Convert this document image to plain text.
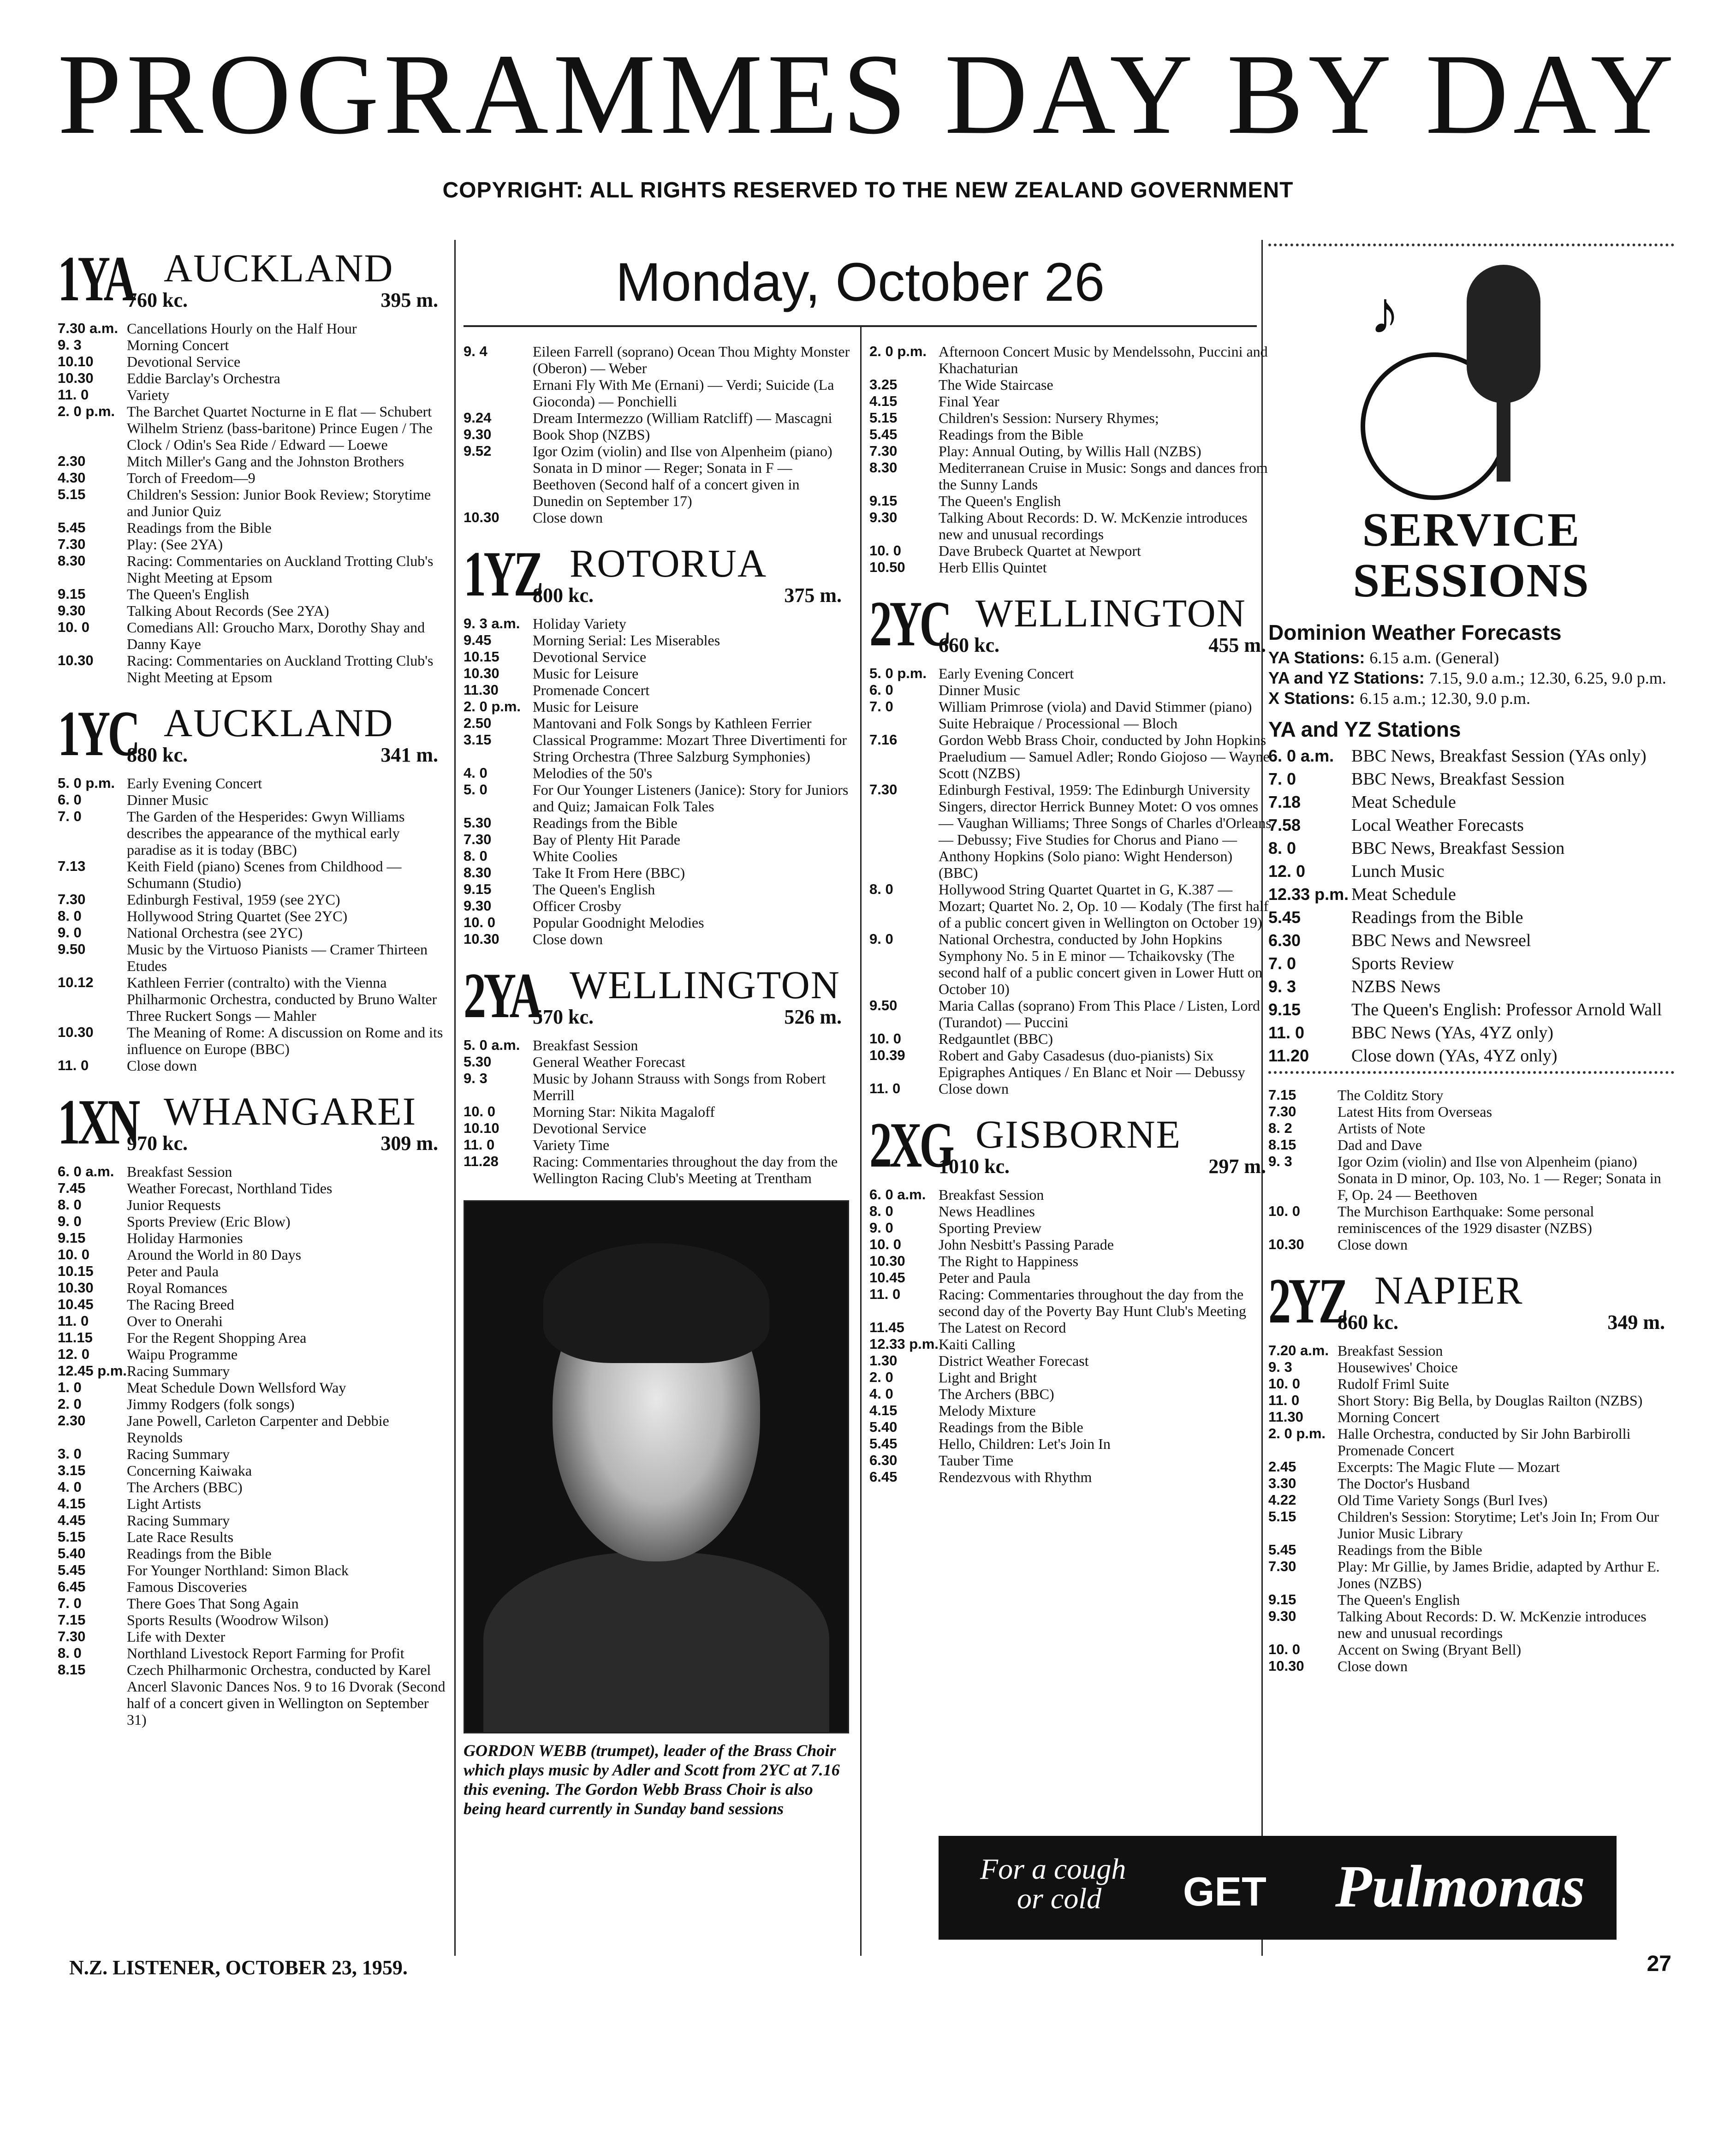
PROGRAMMES DAY BY DAY
COPYRIGHT: ALL RIGHTS RESERVED TO THE NEW ZEALAND GOVERNMENT
Monday, October 26
1YA AUCKLAND
760 kc.	395 m.
7.30 a.m. Cancellations Hourly on the Half Hour
9. 3	Morning Concert
10.10	Devotional Service
10.30	Eddie Barclay's Orchestra
11. 0	Variety
2. 0 p.m. The Barchet Quartet Nocturne in E flat — Schubert
Wilhelm Strienz (bass-baritone) Prince Eugen / The Clock / Odin's Sea Ride / Edward — Loewe
2.30	Mitch Miller's Gang and the Johnston Brothers
4.30	Torch of Freedom—9
5.15	Children's Session: Junior Book Review; Storytime and Junior Quiz
5.45	Readings from the Bible
7.30	Play: (See 2YA)
8.30	Racing: Commentaries on Auckland Trotting Club's Night Meeting at Epsom
9.15	The Queen's English
9.30	Talking About Records (See 2YA)
10. 0	Comedians All: Groucho Marx, Dorothy Shay and Danny Kaye
10.30	Racing: Commentaries on Auckland Trotting Club's Night Meeting at Epsom
1YC AUCKLAND
880 kc.	341 m.
5. 0 p.m. Early Evening Concert
6. 0	Dinner Music
7. 0	The Garden of the Hesperides: Gwyn Williams describes the appearance of the mythical early paradise as it is today (BBC)
7.13	Keith Field (piano) Scenes from Childhood — Schumann (Studio)
7.30	Edinburgh Festival, 1959 (see 2YC)
8. 0	Hollywood String Quartet (See 2YC)
9. 0	National Orchestra (see 2YC)
9.50	Music by the Virtuoso Pianists — Cramer Thirteen Etudes
10.12	Kathleen Ferrier (contralto) with the Vienna Philharmonic Orchestra, conducted by Bruno Walter Three Ruckert Songs — Mahler
10.30	The Meaning of Rome: A discussion on Rome and its influence on Europe (BBC)
11. 0	Close down
1XN WHANGAREI
970 kc.	309 m.
6. 0 a.m. Breakfast Session
7.45	Weather Forecast, Northland Tides
8. 0	Junior Requests
9. 0	Sports Preview (Eric Blow)
9.15	Holiday Harmonies
10. 0	Around the World in 80 Days
10.15	Peter and Paula
10.30	Royal Romances
10.45	The Racing Breed
11. 0	Over to Onerahi
11.15	For the Regent Shopping Area
12. 0	Waipu Programme
12.45 p.m. Racing Summary
1. 0	Meat Schedule Down Wellsford Way
2. 0	Jimmy Rodgers (folk songs)
2.30	Jane Powell, Carleton Carpenter and Debbie Reynolds
3. 0	Racing Summary
3.15	Concerning Kaiwaka
4. 0	The Archers (BBC)
4.15	Light Artists
4.45	Racing Summary
5.15	Late Race Results
5.40	Readings from the Bible
5.45	For Younger Northland: Simon Black
6.45	Famous Discoveries
7. 0	There Goes That Song Again
7.15	Sports Results (Woodrow Wilson)
7.30	Life with Dexter
8. 0	Northland Livestock Report Farming for Profit
8.15	Czech Philharmonic Orchestra, conducted by Karel Ancerl Slavonic Dances Nos. 9 to 16 Dvorak (Second half of a concert given in Wellington on September 31)
9. 4	Eileen Farrell (soprano) Ocean Thou Mighty Monster (Oberon) — Weber
Ernani Fly With Me (Ernani) — Verdi; Suicide (La Gioconda) — Ponchielli
9.24	Dream Intermezzo (William Ratcliff) — Mascagni
9.30	Book Shop (NZBS)
9.52	Igor Ozim (violin) and Ilse von Alpenheim (piano) Sonata in D minor — Reger; Sonata in F — Beethoven (Second half of a concert given in Dunedin on September 17)
10.30	Close down
1YZ ROTORUA
800 kc.	375 m.
9. 3 a.m. Holiday Variety
9.45	Morning Serial: Les Miserables
10.15	Devotional Service
10.30	Music for Leisure
11.30	Promenade Concert
2. 0 p.m. Music for Leisure
2.50	Mantovani and Folk Songs by Kathleen Ferrier
3.15	Classical Programme: Mozart Three Divertimenti for String Orchestra (Three Salzburg Symphonies)
4. 0	Melodies of the 50's
5. 0	For Our Younger Listeners (Janice): Story for Juniors and Quiz; Jamaican Folk Tales
5.30	Readings from the Bible
7.30	Bay of Plenty Hit Parade
8. 0	White Coolies
8.30	Take It From Here (BBC)
9.15	The Queen's English
9.30	Officer Crosby
10. 0	Popular Goodnight Melodies
10.30	Close down
2YA WELLINGTON
570 kc.	526 m.
5. 0 a.m. Breakfast Session
5.30	General Weather Forecast
9. 3	Music by Johann Strauss with Songs from Robert Merrill
10. 0	Morning Star: Nikita Magaloff
10.10	Devotional Service
11. 0	Variety Time
11.28	Racing: Commentaries throughout the day from the Wellington Racing Club's Meeting at Trentham
GORDON WEBB (trumpet), leader of the Brass Choir which plays music by Adler and Scott from 2YC at 7.16 this evening. The Gordon Webb Brass Choir is also being heard currently in Sunday band sessions
2. 0 p.m. Afternoon Concert Music by Mendelssohn, Puccini and Khachaturian
3.25	The Wide Staircase
4.15	Final Year
5.15	Children's Session: Nursery Rhymes;
5.45	Readings from the Bible
7.30	Play: Annual Outing, by Willis Hall (NZBS)
8.30	Mediterranean Cruise in Music: Songs and dances from the Sunny Lands
9.15	The Queen's English
9.30	Talking About Records: D. W. McKenzie introduces new and unusual recordings
10. 0	Dave Brubeck Quartet at Newport
10.50	Herb Ellis Quintet
2YC WELLINGTON
660 kc.	455 m.
5. 0 p.m. Early Evening Concert
6. 0	Dinner Music
7. 0	William Primrose (viola) and David Stimmer (piano) Suite Hebraique / Processional — Bloch
7.16	Gordon Webb Brass Choir, conducted by John Hopkins Praeludium — Samuel Adler; Rondo Giojoso — Wayne Scott (NZBS)
7.30	Edinburgh Festival, 1959: The Edinburgh University Singers, director Herrick Bunney Motet: O vos omnes — Vaughan Williams; Three Songs of Charles d'Orleans — Debussy; Five Studies for Chorus and Piano — Anthony Hopkins (Solo piano: Wight Henderson) (BBC)
8. 0	Hollywood String Quartet Quartet in G, K.387 — Mozart; Quartet No. 2, Op. 10 — Kodaly (The first half of a public concert given in Wellington on October 19)
9. 0	National Orchestra, conducted by John Hopkins Symphony No. 5 in E minor — Tchaikovsky (The second half of a public concert given in Lower Hutt on October 10)
9.50	Maria Callas (soprano) From This Place / Listen, Lord (Turandot) — Puccini
10. 0	Redgauntlet (BBC)
10.39	Robert and Gaby Casadesus (duo-pianists) Six Epigraphes Antiques / En Blanc et Noir — Debussy
11. 0	Close down
2XG GISBORNE
1010 kc.	297 m.
6. 0 a.m. Breakfast Session
8. 0	News Headlines
9. 0	Sporting Preview
10. 0	John Nesbitt's Passing Parade
10.30	The Right to Happiness
10.45	Peter and Paula
11. 0	Racing: Commentaries throughout the day from the second day of the Poverty Bay Hunt Club's Meeting
11.45	The Latest on Record
12.33 p.m. Kaiti Calling
1.30	District Weather Forecast
2. 0	Light and Bright
4. 0	The Archers (BBC)
4.15	Melody Mixture
5.40	Readings from the Bible
5.45	Hello, Children: Let's Join In
6.30	Tauber Time
6.45	Rendezvous with Rhythm
♪
SERVICE
SESSIONS
Dominion Weather Forecasts
YA Stations: 6.15 a.m. (General)
YA and YZ Stations: 7.15, 9.0 a.m.; 12.30, 6.25, 9.0 p.m.
X Stations: 6.15 a.m.; 12.30, 9.0 p.m.
YA and YZ Stations
6. 0 a.m. BBC News, Breakfast Session (YAs only)
7. 0	BBC News, Breakfast Session
7.18	Meat Schedule
7.58	Local Weather Forecasts
8. 0	BBC News, Breakfast Session
12. 0	Lunch Music
12.33 p.m. Meat Schedule
5.45	Readings from the Bible
6.30	BBC News and Newsreel
7. 0	Sports Review
9. 3	NZBS News
9.15	The Queen's English: Professor Arnold Wall
11. 0	BBC News (YAs, 4YZ only)
11.20	Close down (YAs, 4YZ only)
7.15	The Colditz Story
7.30	Latest Hits from Overseas
8. 2	Artists of Note
8.15	Dad and Dave
9. 3	Igor Ozim (violin) and Ilse von Alpenheim (piano) Sonata in D minor, Op. 103, No. 1 — Reger; Sonata in F, Op. 24 — Beethoven
10. 0	The Murchison Earthquake: Some personal reminiscences of the 1929 disaster (NZBS)
10.30	Close down
2YZ NAPIER
860 kc.	349 m.
7.20 a.m. Breakfast Session
9. 3	Housewives' Choice
10. 0	Rudolf Friml Suite
11. 0	Short Story: Big Bella, by Douglas Railton (NZBS)
11.30	Morning Concert
2. 0 p.m. Halle Orchestra, conducted by Sir John Barbirolli Promenade Concert
2.45	Excerpts: The Magic Flute — Mozart
3.30	The Doctor's Husband
4.22	Old Time Variety Songs (Burl Ives)
5.15	Children's Session: Storytime; Let's Join In; From Our Junior Music Library
5.45	Readings from the Bible
7.30	Play: Mr Gillie, by James Bridie, adapted by Arthur E. Jones (NZBS)
9.15	The Queen's English
9.30	Talking About Records: D. W. McKenzie introduces new and unusual recordings
10. 0	Accent on Swing (Bryant Bell)
10.30	Close down
For a cough
or cold	GET Pulmonas
N.Z. LISTENER, OCTOBER 23, 1959.	27
